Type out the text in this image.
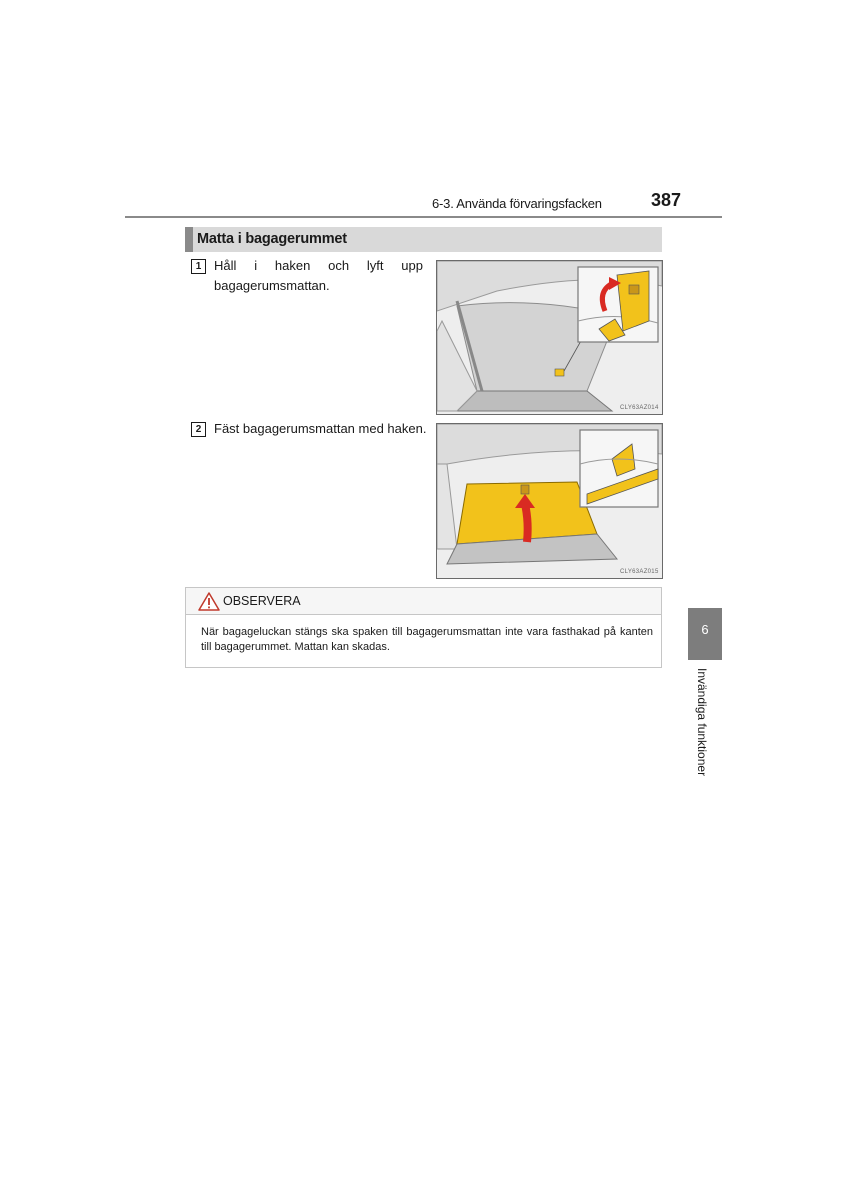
6-3. Använda förvaringsfacken	387
Matta i bagagerummet
1 Håll i haken och lyft upp bagagerumsmattan.
CLY63AZ014
2 Fäst bagagerumsmattan med haken.
CLY63AZ015
OBSERVERA
När bagageluckan stängs ska spaken till bagagerumsmattan inte vara fasthakad på kanten till bagagerummet. Mattan kan skadas.
6
Invändiga funktioner
